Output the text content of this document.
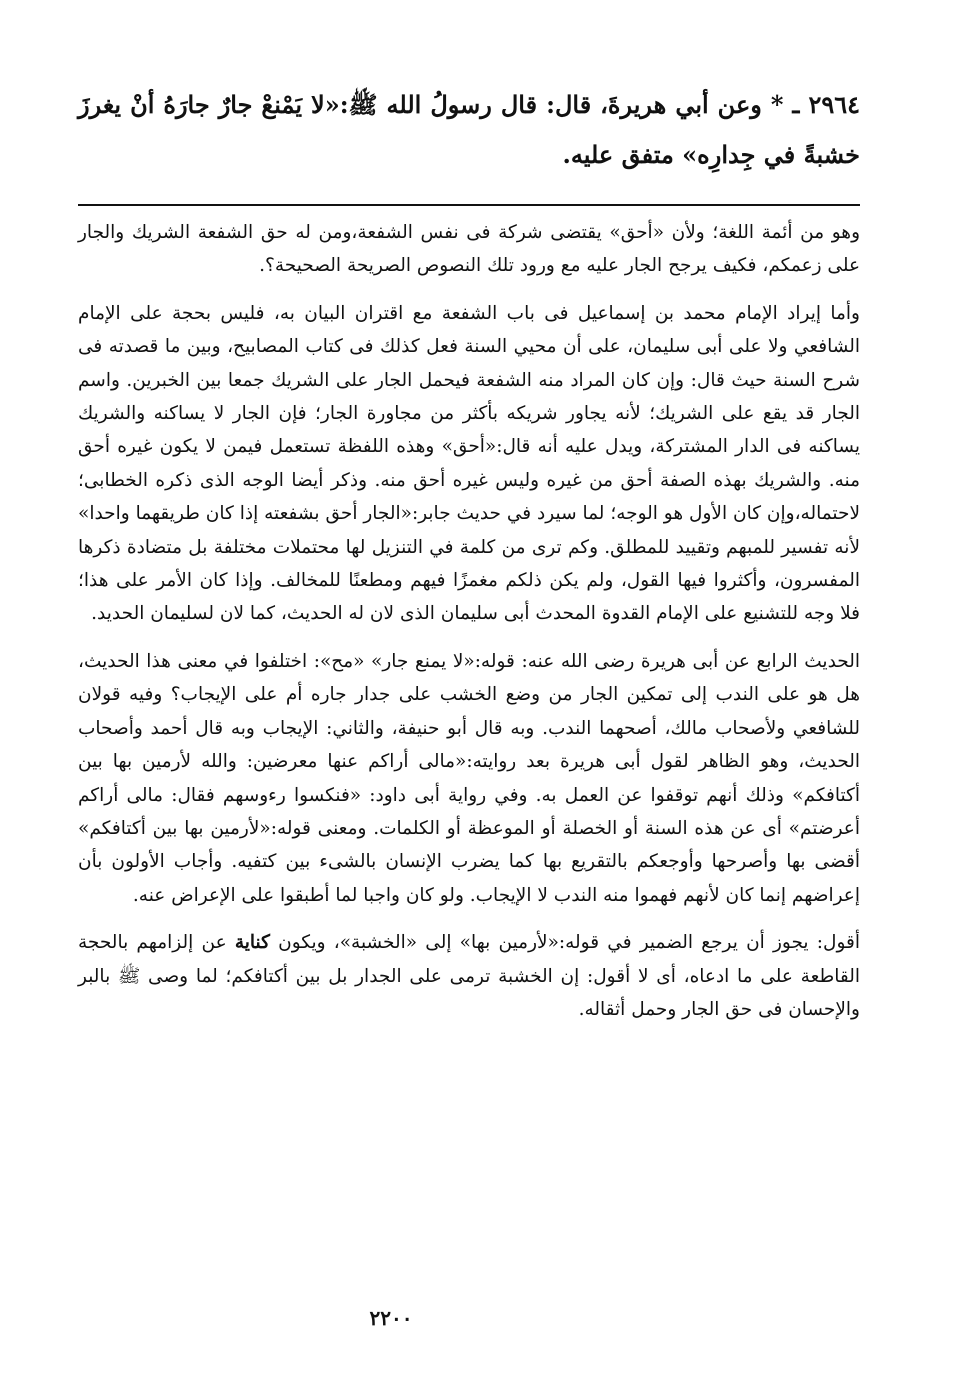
٢٩٦٤ ـ * وعن أبي هريرةَ، قال: قال رسولُ الله ﷺ:«لا يَمْنعْ جارٌ جارَهُ أنْ يغرزَ خشبةً في جِدارِه» متفق عليه.

وهو من أئمة اللغة؛ ولأن «أحق» يقتضى شركة فى نفس الشفعة،ومن له حق الشفعة الشريك والجار على زعمكم، فكيف يرجح الجار عليه مع ورود تلك النصوص الصريحة الصحيحة؟.

وأما إيراد الإمام محمد بن إسماعيل فى باب الشفعة مع اقتران البيان به، فليس بحجة على الإمام الشافعي ولا على أبى سليمان، على أن محيي السنة فعل كذلك فى كتاب المصابيح، وبين ما قصدته فى شرح السنة حيث قال: وإن كان المراد منه الشفعة فيحمل الجار على الشريك جمعا بين الخبرين. واسم الجار قد يقع على الشريك؛ لأنه يجاور شريكه بأكثر من مجاورة الجار؛ فإن الجار لا يساكنه والشريك يساكنه فى الدار المشتركة، ويدل عليه أنه قال:«أحق» وهذه اللفظة تستعمل فيمن لا يكون غيره أحق منه. والشريك بهذه الصفة أحق من غيره وليس غيره أحق منه. وذكر أيضا الوجه الذى ذكره الخطابى؛ لاحتماله،وإن كان الأول هو الوجه؛ لما سيرد في حديث جابر:«الجار أحق بشفعته إذا كان طريقهما واحدا» لأنه تفسير للمبهم وتقييد للمطلق. وكم ترى من كلمة في التنزيل لها محتملات مختلفة بل متضادة ذكرها المفسرون، وأكثروا فيها القول، ولم يكن ذلكم مغمزًا فيهم ومطعنًا للمخالف. وإذا كان الأمر على هذا؛ فلا وجه للتشنيع على الإمام القدوة المحدث أبى سليمان الذى لان له الحديث، كما لان لسليمان الحديد.

الحديث الرابع عن أبى هريرة رضى الله عنه: قوله:«لا يمنع جار» «مح»: اختلفوا في معنى هذا الحديث، هل هو على الندب إلى تمكين الجار من وضع الخشب على جدار جاره أم على الإيجاب؟ وفيه قولان للشافعي ولأصحاب مالك، أصحهما الندب. وبه قال أبو حنيفة، والثاني: الإيجاب وبه قال أحمد وأصحاب الحديث، وهو الظاهر لقول أبى هريرة بعد روايته:«مالى أراكم عنها معرضين: والله لأرمين بها بين أكتافكم» وذلك أنهم توقفوا عن العمل به. وفي رواية أبى داود: «فنكسوا رءوسهم فقال: مالى أراكم أعرضتم» أى عن هذه السنة أو الخصلة أو الموعظة أو الكلمات. ومعنى قوله:«لأرمين بها بين أكتافكم» أقضى بها وأصرحها وأوجعكم بالتقريع بها كما يضرب الإنسان بالشىء بين كتفيه. وأجاب الأولون بأن إعراضهم إنما كان لأنهم فهموا منه الندب لا الإيجاب. ولو كان واجبا لما أطبقوا على الإعراض عنه.

أقول: يجوز أن يرجع الضمير في قوله:«لأرمين بها» إلى «الخشبة»، ويكون كناية عن إلزامهم بالحجة القاطعة على ما ادعاه، أى لا أقول: إن الخشبة ترمى على الجدار بل بين أكتافكم؛ لما وصى ﷺ بالبر والإحسان فى حق الجار وحمل أثقاله.

٢٢٠٠
